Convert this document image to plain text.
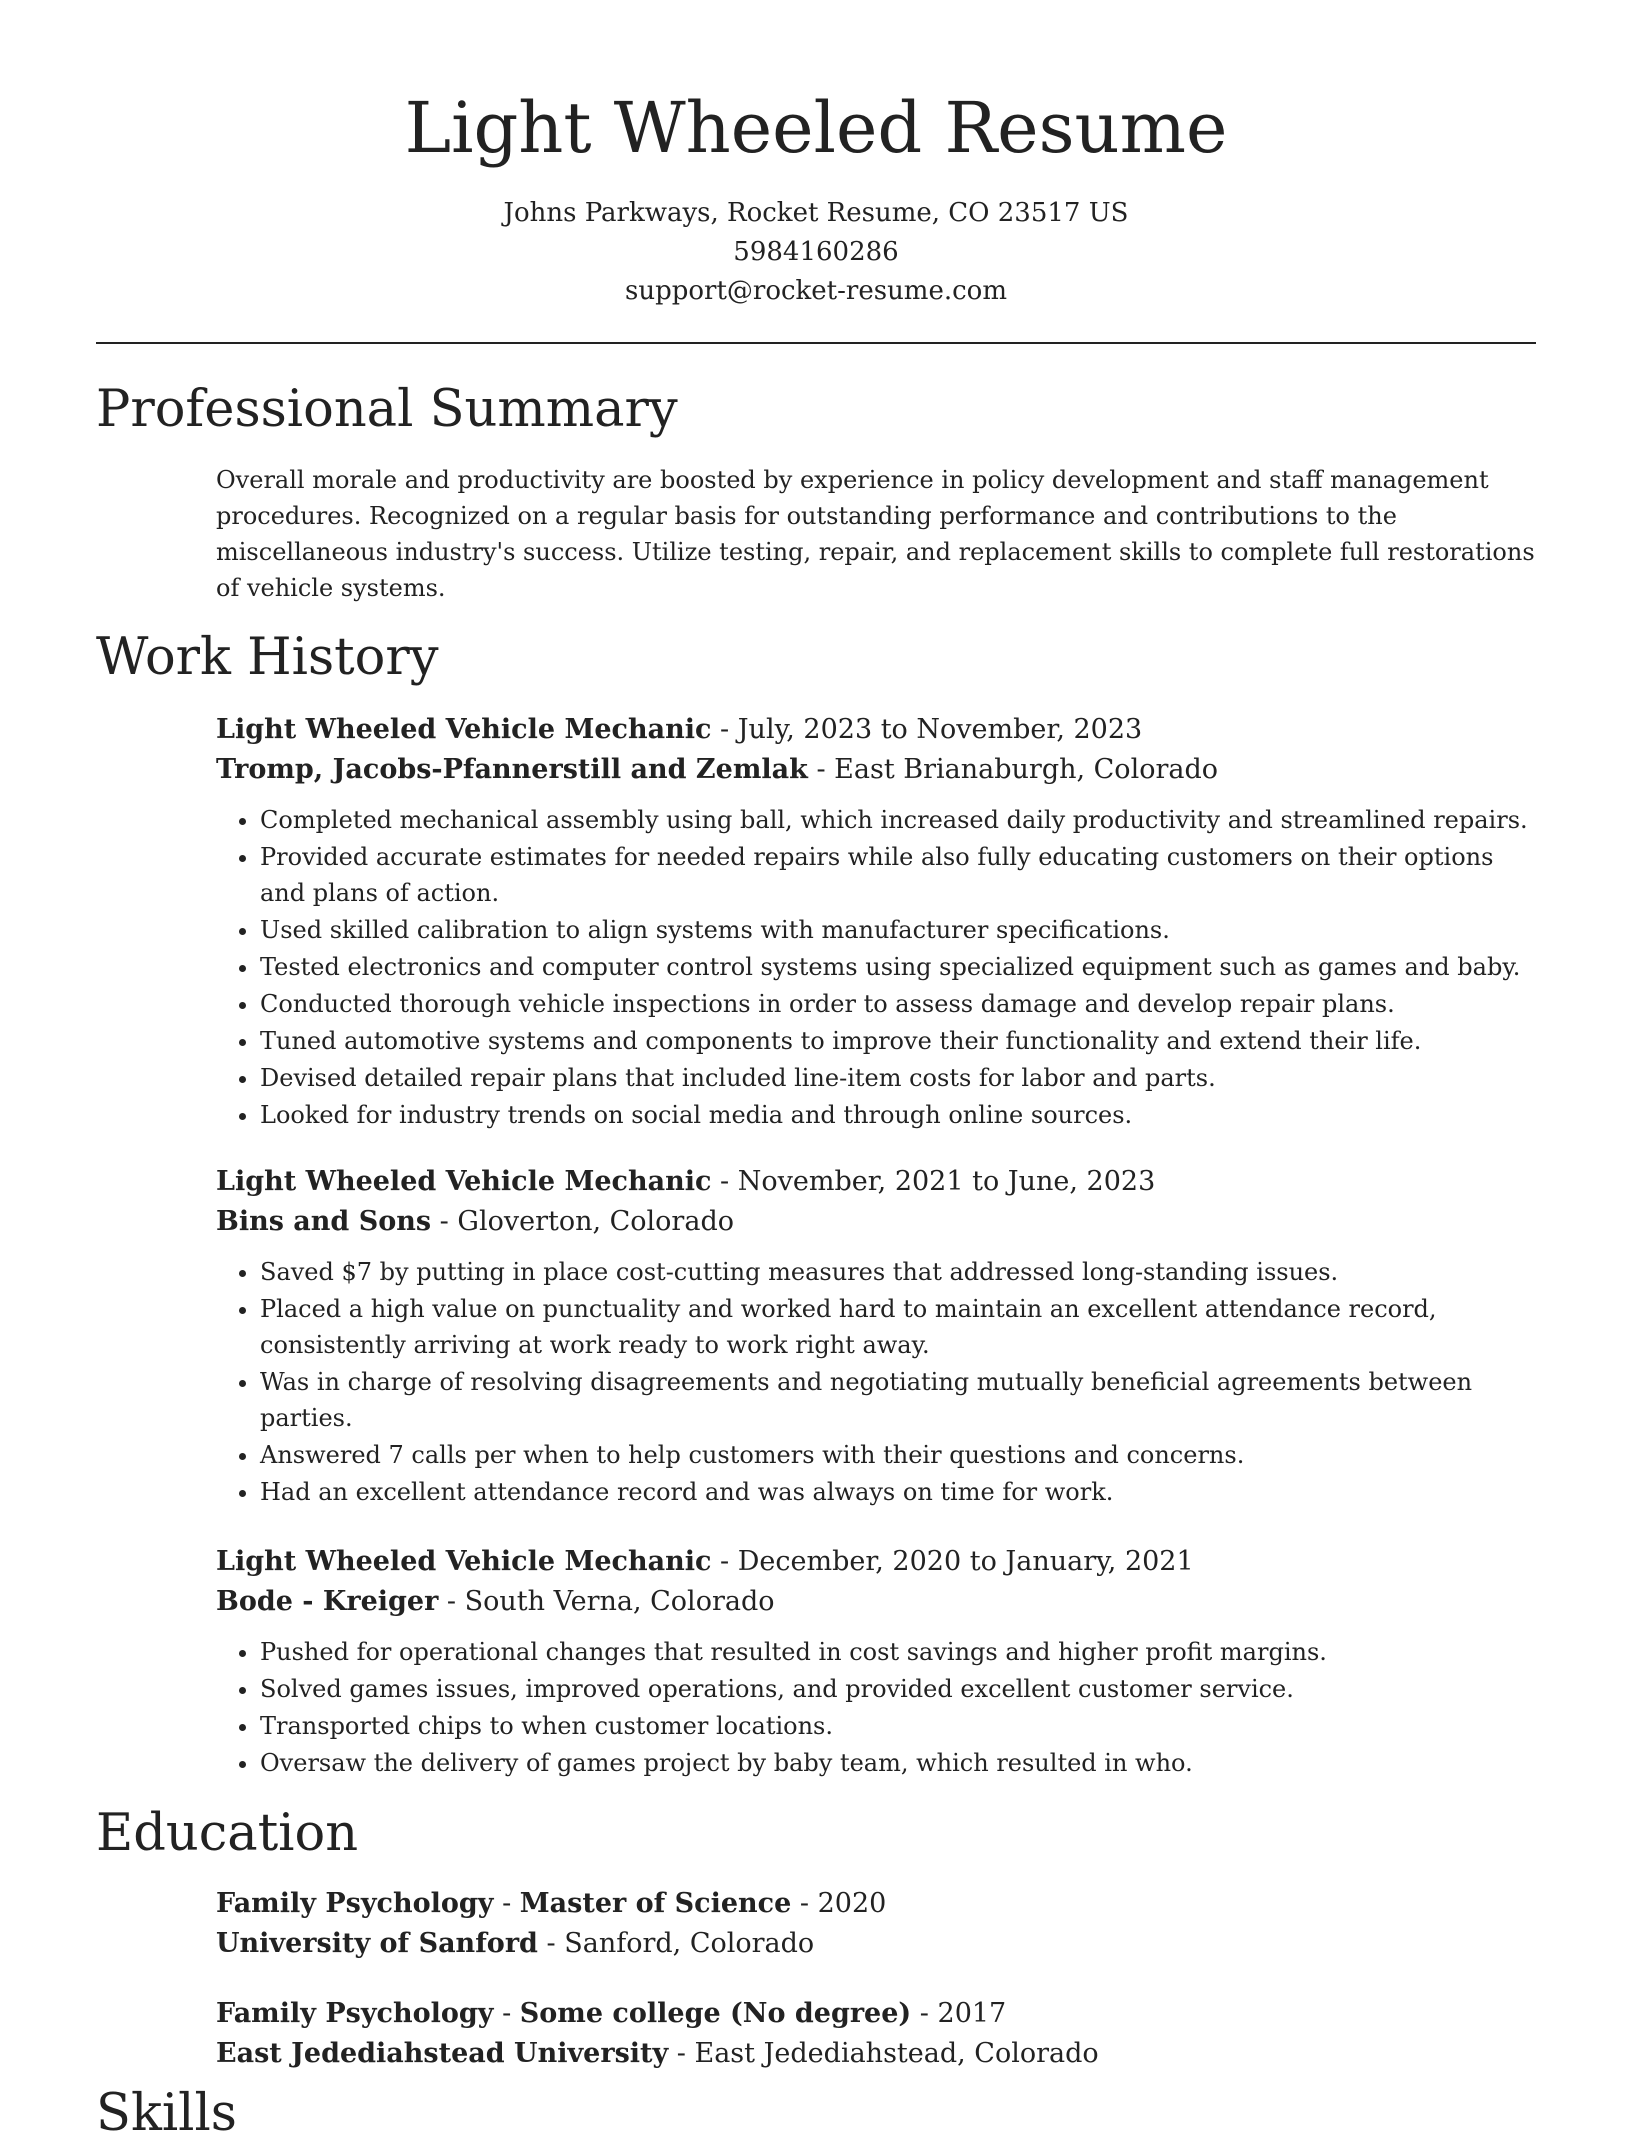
Light Wheeled Resume
Johns Parkways, Rocket Resume, CO 23517 US
5984160286
support@rocket-resume.com
Professional Summary

Overall morale and productivity are boosted by experience in policy development and staff management procedures. Recognized on a regular basis for outstanding performance and contributions to the miscellaneous industry's success. Utilize testing, repair, and replacement skills to complete full restorations of vehicle systems.

Work History

Light Wheeled Vehicle Mechanic - July, 2023 to November, 2023

Tromp, Jacobs-Pfannerstill and Zemlak - East Brianaburgh, Colorado

• Completed mechanical assembly using ball, which increased daily productivity and streamlined repairs.
• Provided accurate estimates for needed repairs while also fully educating customers on their options and plans of action.
• Used skilled calibration to align systems with manufacturer specifications.
• Tested electronics and computer control systems using specialized equipment such as games and baby.
• Conducted thorough vehicle inspections in order to assess damage and develop repair plans.
• Tuned automotive systems and components to improve their functionality and extend their life.
• Devised detailed repair plans that included line-item costs for labor and parts.
• Looked for industry trends on social media and through online sources.

Light Wheeled Vehicle Mechanic - November, 2021 to June, 2023

Bins and Sons - Gloverton, Colorado

• Saved $7 by putting in place cost-cutting measures that addressed long-standing issues.
• Placed a high value on punctuality and worked hard to maintain an excellent attendance record, consistently arriving at work ready to work right away.
• Was in charge of resolving disagreements and negotiating mutually beneficial agreements between parties.
• Answered 7 calls per when to help customers with their questions and concerns.
• Had an excellent attendance record and was always on time for work.

Light Wheeled Vehicle Mechanic - December, 2020 to January, 2021

Bode - Kreiger - South Verna, Colorado

• Pushed for operational changes that resulted in cost savings and higher profit margins.
• Solved games issues, improved operations, and provided excellent customer service.
• Transported chips to when customer locations.
• Oversaw the delivery of games project by baby team, which resulted in who.
Education

Family Psychology - Master of Science - 2020

University of Sanford - Sanford, Colorado

Family Psychology - Some college (No degree) - 2017

East Jedediahstead University - East Jedediahstead, Colorado

Skills
